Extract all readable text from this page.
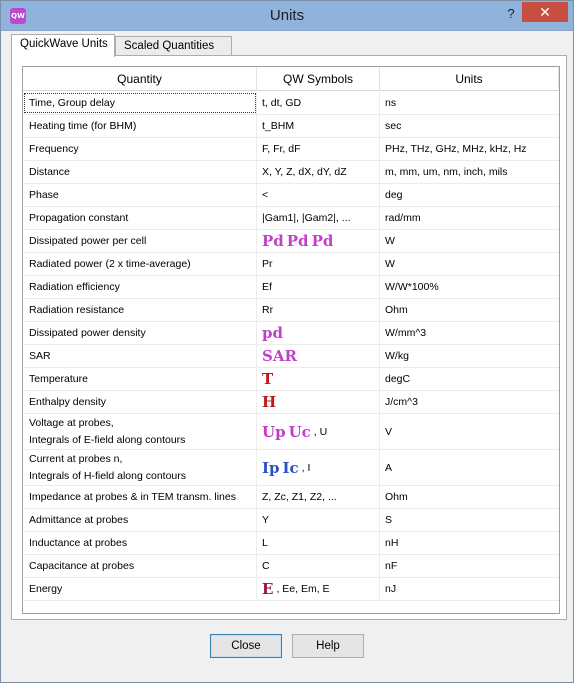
QW	Units	?	✕
QuickWave Units	Scaled Quantities
Quantity	QW Symbols	Units
Time, Group delay	t, dt, GD	ns
Heating time (for BHM)	t_BHM	sec
Frequency	F, Fr, dF	PHz, THz, GHz, MHz, kHz, Hz
Distance	X, Y, Z, dX, dY, dZ	m, mm, um, nm, inch, mils
Phase	<	deg
Propagation constant	|Gam1|, |Gam2|, ...	rad/mm
Dissipated power per cell	Pd Pd Pd	W
Radiated power (2 x time-average)	Pr	W
Radiation efficiency	Ef	W/W*100%
Radiation resistance	Rr	Ohm
Dissipated power density	pd	W/mm^3
SAR	SAR	W/kg
Temperature	T	degC
Enthalpy density	H	J/cm^3
Voltage at probes,
Integrals of E-field along contours	Up Uc , U	V
Current at probes n,
Integrals of H-field along contours	Ip Ic , I	A
Impedance at probes & in TEM transm. lines	Z, Zc, Z1, Z2, ...	Ohm
Admittance at probes	Y	S
Inductance at probes	L	nH
Capacitance at probes	C	nF
Energy	E , Ee, Em, E	nJ
Close	Help
